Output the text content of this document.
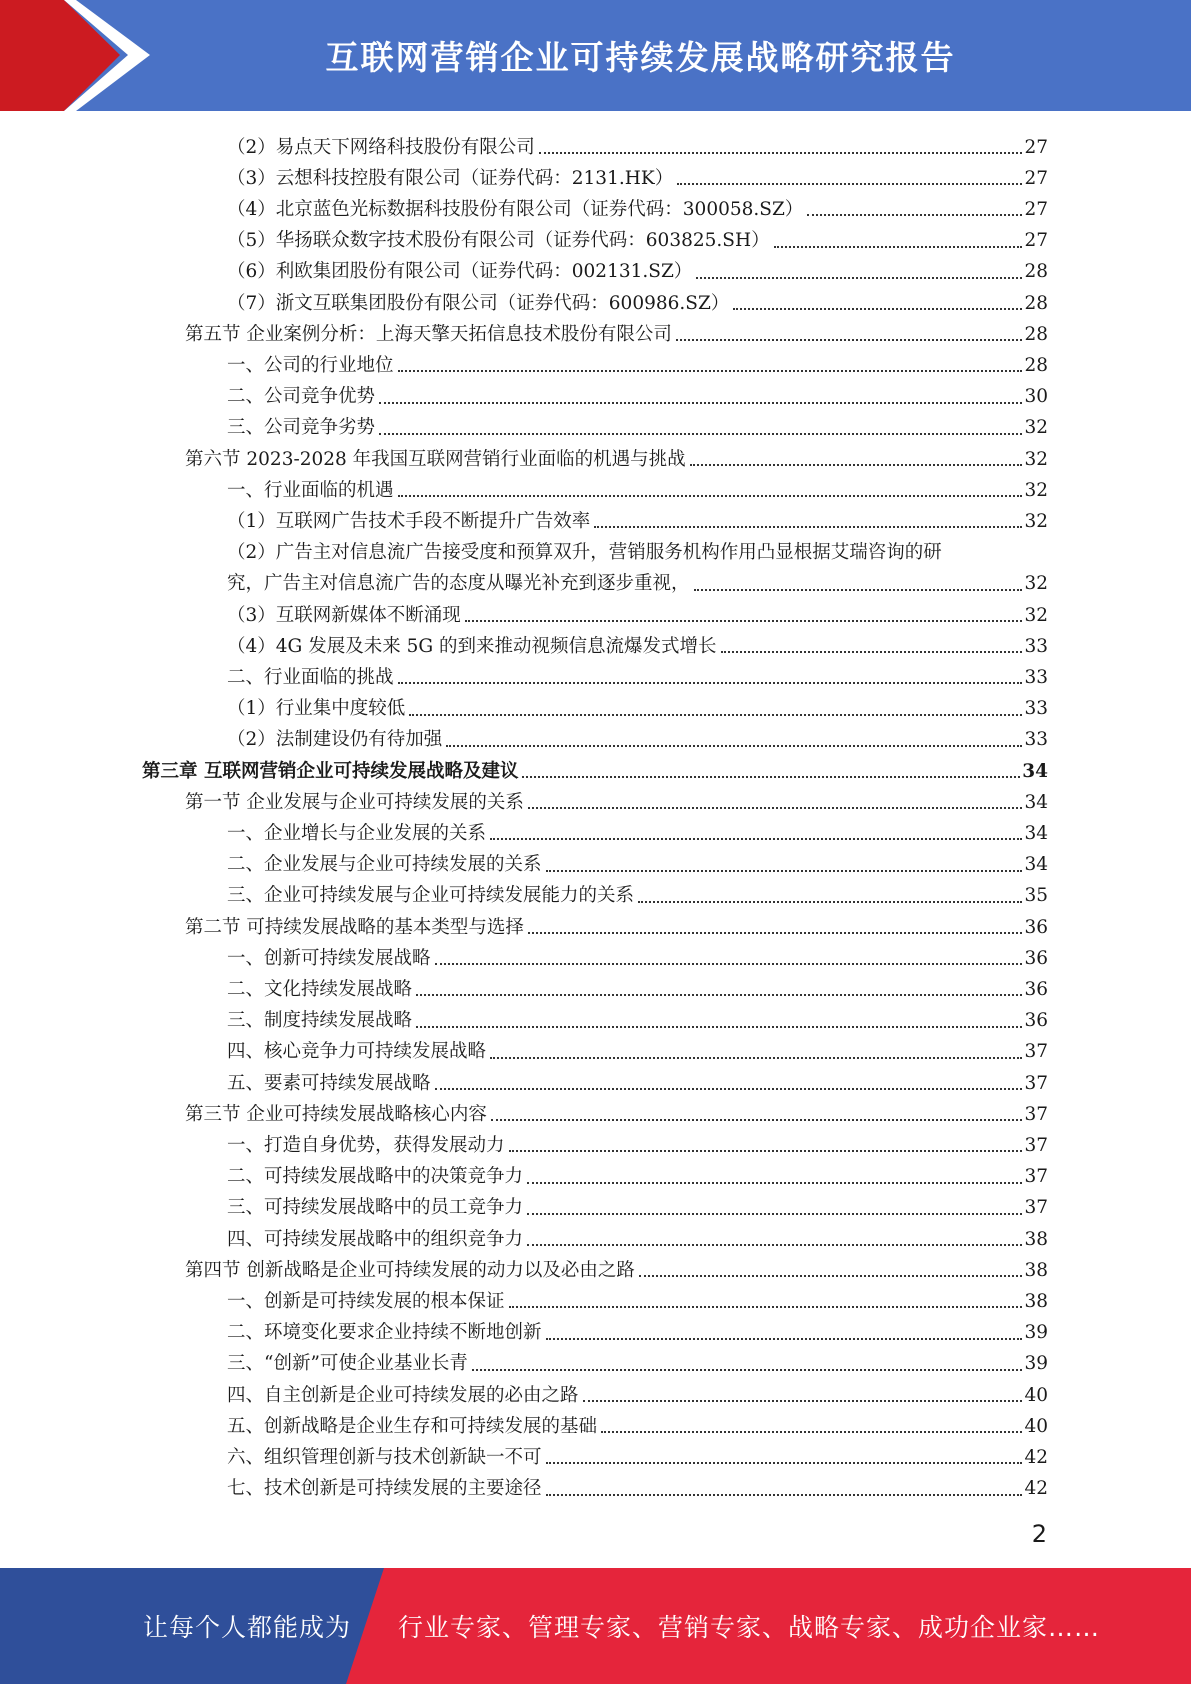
互联网营销企业可持续发展战略研究报告
（2）易点天下网络科技股份有限公司	27
（3）云想科技控股有限公司（证券代码：2131.HK）	27
（4）北京蓝色光标数据科技股份有限公司（证券代码：300058.SZ）	27
（5）华扬联众数字技术股份有限公司（证券代码：603825.SH）	27
（6）利欧集团股份有限公司（证券代码：002131.SZ）	28
（7）浙文互联集团股份有限公司（证券代码：600986.SZ）	28
第五节 企业案例分析：上海天擎天拓信息技术股份有限公司	28
一、公司的行业地位	28
二、公司竞争优势	30
三、公司竞争劣势	32
第六节 2023-2028 年我国互联网营销行业面临的机遇与挑战	32
一、行业面临的机遇	32
（1）互联网广告技术手段不断提升广告效率	32
（2）广告主对信息流广告接受度和预算双升，营销服务机构作用凸显根据艾瑞咨询的研
究，广告主对信息流广告的态度从曝光补充到逐步重视，	32
（3）互联网新媒体不断涌现	32
（4）4G 发展及未来 5G 的到来推动视频信息流爆发式增长	33
二、行业面临的挑战	33
（1）行业集中度较低	33
（2）法制建设仍有待加强	33
第三章 互联网营销企业可持续发展战略及建议	34
第一节 企业发展与企业可持续发展的关系	34
一、企业增长与企业发展的关系	34
二、企业发展与企业可持续发展的关系	34
三、企业可持续发展与企业可持续发展能力的关系	35
第二节 可持续发展战略的基本类型与选择	36
一、创新可持续发展战略	36
二、文化持续发展战略	36
三、制度持续发展战略	36
四、核心竞争力可持续发展战略	37
五、要素可持续发展战略	37
第三节 企业可持续发展战略核心内容	37
一、打造自身优势，获得发展动力	37
二、可持续发展战略中的决策竞争力	37
三、可持续发展战略中的员工竞争力	37
四、可持续发展战略中的组织竞争力	38
第四节 创新战略是企业可持续发展的动力以及必由之路	38
一、创新是可持续发展的根本保证	38
二、环境变化要求企业持续不断地创新	39
三、“创新”可使企业基业长青	39
四、自主创新是企业可持续发展的必由之路	40
五、创新战略是企业生存和可持续发展的基础	40
六、组织管理创新与技术创新缺一不可	42
七、技术创新是可持续发展的主要途径	42
2
让每个人都能成为 行业专家、管理专家、营销专家、战略专家、成功企业家……
